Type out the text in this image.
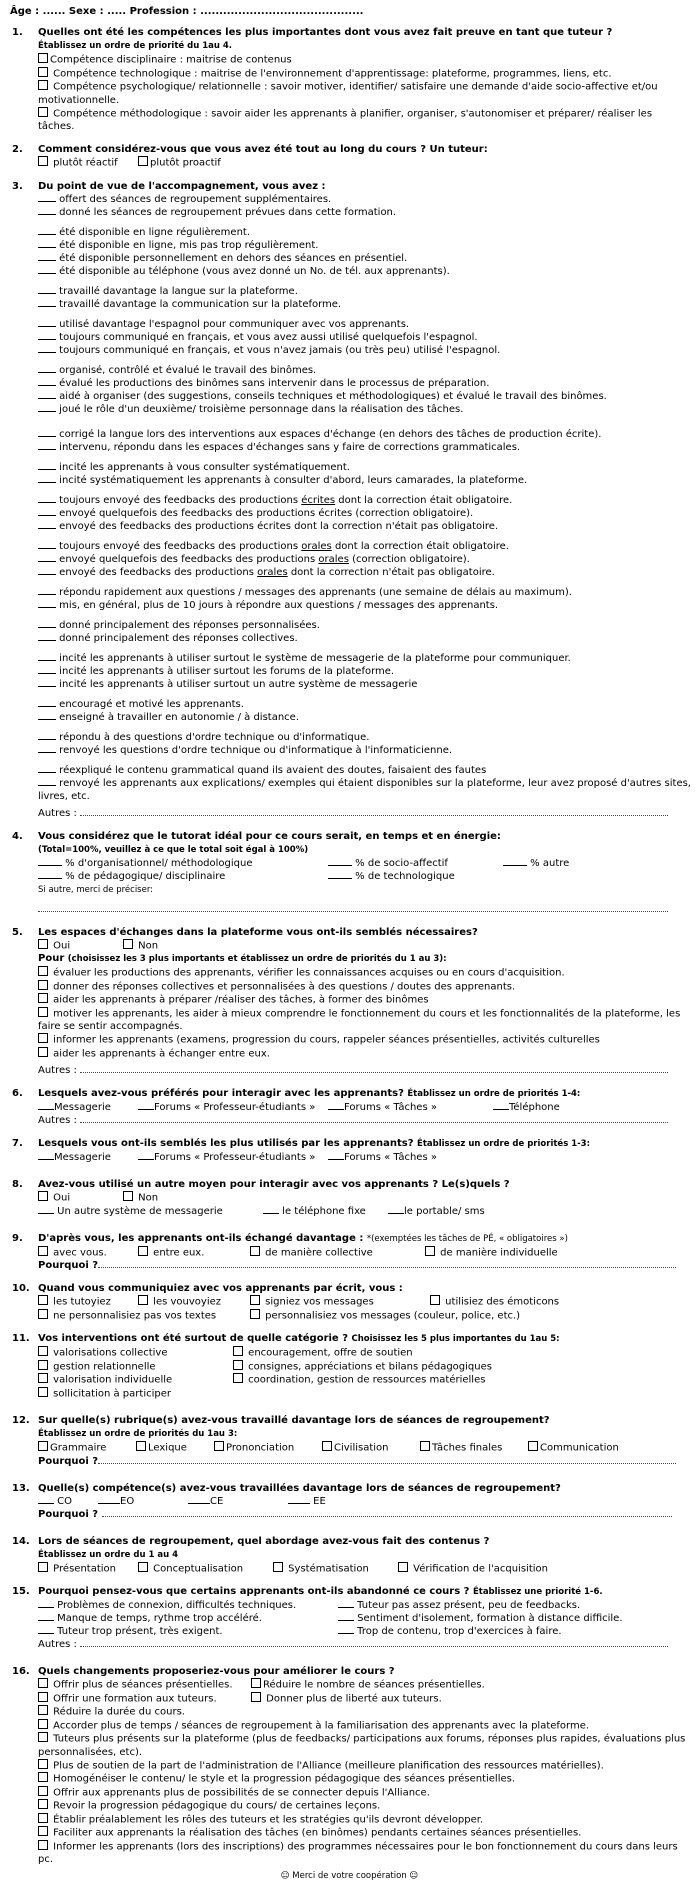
Âge : ...... Sexe : ..... Profession : ...........................................
1. Quelles ont été les compétences les plus importantes dont vous avez fait preuve en tant que tuteur ?
Établissez un ordre de priorité du 1au 4.
Compétence disciplinaire : maitrise de contenus
Compétence technologique : maitrise de l'environnement d'apprentissage: plateforme, programmes, liens, etc.
Compétence psychologique/ relationnelle : savoir motiver, identifier/ satisfaire une demande d'aide socio-affective et/ou motivationnelle.
Compétence méthodologique : savoir aider les apprenants à planifier, organiser, s'autonomiser et préparer/ réaliser les tâches.
2. Comment considérez-vous que vous avez été tout au long du cours ? Un tuteur:
plutôt réactif	plutôt proactif
3. Du point de vue de l'accompagnement, vous avez :
offert des séances de regroupement supplémentaires.
donné les séances de regroupement prévues dans cette formation.
été disponible en ligne régulièrement.
été disponible en ligne, mis pas trop régulièrement.
été disponible personnellement en dehors des séances en présentiel.
été disponible au téléphone (vous avez donné un No. de tél. aux apprenants).
travaillé davantage la langue sur la plateforme.
travaillé davantage la communication sur la plateforme.
utilisé davantage l'espagnol pour communiquer avec vos apprenants.
toujours communiqué en français, et vous avez aussi utilisé quelquefois l'espagnol.
toujours communiqué en français, et vous n'avez jamais (ou très peu) utilisé l'espagnol.
organisé, contrôlé et évalué le travail des binômes.
évalué les productions des binômes sans intervenir dans le processus de préparation.
aidé à organiser (des suggestions, conseils techniques et méthodologiques) et évalué le travail des binômes.
joué le rôle d'un deuxième/ troisième personnage dans la réalisation des tâches.
corrigé la langue lors des interventions aux espaces d'échange (en dehors des tâches de production écrite).
intervenu, répondu dans les espaces d'échanges sans y faire de corrections grammaticales.
incité les apprenants à vous consulter systématiquement.
incité systématiquement les apprenants à consulter d'abord, leurs camarades, la plateforme.
toujours envoyé des feedbacks des productions écrites dont la correction était obligatoire.
envoyé quelquefois des feedbacks des productions écrites (correction obligatoire).
envoyé des feedbacks des productions écrites dont la correction n'était pas obligatoire.
toujours envoyé des feedbacks des productions orales dont la correction était obligatoire.
envoyé quelquefois des feedbacks des productions orales (correction obligatoire).
envoyé des feedbacks des productions orales dont la correction n'était pas obligatoire.
répondu rapidement aux questions / messages des apprenants (une semaine de délais au maximum).
mis, en général, plus de 10 jours à répondre aux questions / messages des apprenants.
donné principalement des réponses personnalisées.
donné principalement des réponses collectives.
incité les apprenants à utiliser surtout le système de messagerie de la plateforme pour communiquer.
incité les apprenants à utiliser surtout les forums de la plateforme.
incité les apprenants à utiliser surtout un autre système de messagerie
encouragé et motivé les apprenants.
enseigné à travailler en autonomie / à distance.
répondu à des questions d'ordre technique ou d'informatique.
renvoyé les questions d'ordre technique ou d'informatique à l'informaticienne.
réexpliqué le contenu grammatical quand ils avaient des doutes, faisaient des fautes
renvoyé les apprenants aux explications/ exemples qui étaient disponibles sur la plateforme, leur avez proposé d'autres sites, livres, etc.
Autres :
4. Vous considérez que le tutorat idéal pour ce cours serait, en temps et en énergie:
(Total=100%, veuillez à ce que le total soit égal à 100%)
% d'organisationnel/ méthodologique	% de socio-affectif	% autre
% de pédagogique/ disciplinaire	% de technologique
Si autre, merci de préciser:
5. Les espaces d'échanges dans la plateforme vous ont-ils semblés nécessaires?
Oui	Non
Pour (choisissez les 3 plus importants et établissez un ordre de priorités du 1 au 3):
évaluer les productions des apprenants, vérifier les connaissances acquises ou en cours d'acquisition.
donner des réponses collectives et personnalisées à des questions / doutes des apprenants.
aider les apprenants à préparer /réaliser des tâches, à former des binômes
motiver les apprenants, les aider à mieux comprendre le fonctionnement du cours et les fonctionnalités de la plateforme, les faire se sentir accompagnés.
informer les apprenants (examens, progression du cours, rappeler séances présentielles, activités culturelles
aider les apprenants à échanger entre eux.
Autres :
6. Lesquels avez-vous préférés pour interagir avec les apprenants? Établissez un ordre de priorités 1-4:
Messagerie	Forums « Professeur-étudiants »	Forums « Tâches »	Téléphone
Autres :
7. Lesquels vous ont-ils semblés les plus utilisés par les apprenants? Établissez un ordre de priorités 1-3:
Messagerie	Forums « Professeur-étudiants »	Forums « Tâches »
8. Avez-vous utilisé un autre moyen pour interagir avec vos apprenants ? Le(s)quels ?
Oui	Non
Un autre système de messagerie	le téléphone fixe	le portable/ sms
9. D'après vous, les apprenants ont-ils échangé davantage : *(exemptées les tâches de PÉ, « obligatoires »)
avec vous.	entre eux.	de manière collective	de manière individuelle
Pourquoi ?
10. Quand vous communiquiez avec vos apprenants par écrit, vous :
les tutoyiez	les vouvoyiez	signiez vos messages	utilisiez des émoticons
ne personnalisiez pas vos textes	personnalisiez vos messages (couleur, police, etc.)
11. Vos interventions ont été surtout de quelle catégorie ? Choisissez les 5 plus importantes du 1au 5:
valorisations collective	encouragement, offre de soutien
gestion relationnelle	consignes, appréciations et bilans pédagogiques
valorisation individuelle	coordination, gestion de ressources matérielles
sollicitation à participer
12. Sur quelle(s) rubrique(s) avez-vous travaillé davantage lors de séances de regroupement?
Établissez un ordre de priorités du 1au 3:
Grammaire	Lexique	Prononciation	Civilisation	Tâches finales	Communication
Pourquoi ?
13. Quelle(s) compétence(s) avez-vous travaillées davantage lors de séances de regroupement?
CO	EO	CE	EE
Pourquoi ?
14. Lors de séances de regroupement, quel abordage avez-vous fait des contenus ?
Établissez un ordre du 1 au 4
Présentation	Conceptualisation	Systématisation	Vérification de l'acquisition
15. Pourquoi pensez-vous que certains apprenants ont-ils abandonné ce cours ? Établissez une priorité 1-6.
Problèmes de connexion, difficultés techniques.	Tuteur pas assez présent, peu de feedbacks.
Manque de temps, rythme trop accéléré.	Sentiment d'isolement, formation à distance difficile.
Tuteur trop présent, très exigent.	Trop de contenu, trop d'exercices à faire.
Autres :
16. Quels changements proposeriez-vous pour améliorer le cours ?
Offrir plus de séances présentielles.	Réduire le nombre de séances présentielles.
Offrir une formation aux tuteurs.	Donner plus de liberté aux tuteurs.
Réduire la durée du cours.
Accorder plus de temps / séances de regroupement à la familiarisation des apprenants avec la plateforme.
Tuteurs plus présents sur la plateforme (plus de feedbacks/ participations aux forums, réponses plus rapides, évaluations plus personnalisées, etc).
Plus de soutien de la part de l'administration de l'Alliance (meilleure planification des ressources matérielles).
Homogénéiser le contenu/ le style et la progression pédagogique des séances présentielles.
Offrir aux apprenants plus de possibilités de se connecter depuis l'Alliance.
Revoir la progression pédagogique du cours/ de certaines leçons.
Établir préalablement les rôles des tuteurs et les stratégies qu'ils devront développer.
Faciliter aux apprenants la réalisation des tâches (en binômes) pendants certaines séances présentielles.
Informer les apprenants (lors des inscriptions) des programmes nécessaires pour le bon fonctionnement du cours dans leurs pc.
☺ Merci de votre coopération ☺
